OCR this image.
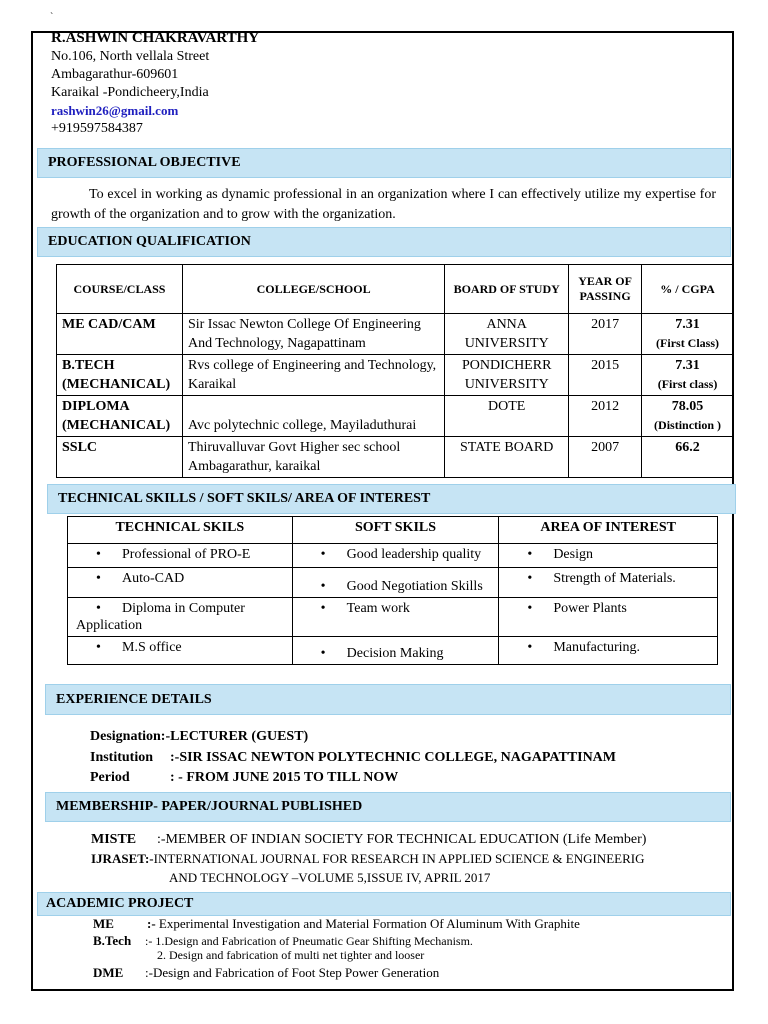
`
R.ASHWIN CHAKRAVARTHY
No.106, North vellala Street
Ambagarathur-609601
Karaikal -Pondicheery,India
rashwin26@gmail.com
+919597584387
PROFESSIONAL OBJECTIVE
To excel in working as dynamic professional in an organization where I can effectively utilize my expertise for growth of the organization and to grow with the organization.
EDUCATION QUALIFICATION
COURSE/CLASS	COLLEGE/SCHOOL	BOARD OF STUDY	YEAR OF PASSING	% / CGPA
ME CAD/CAM	Sir Issac Newton College Of Engineering And Technology, Nagapattinam	ANNA UNIVERSITY	2017	7.31
(First Class)

B.TECH (MECHANICAL)	Rvs college of Engineering and Technology, Karaikal	PONDICHERR UNIVERSITY	2015	7.31
(First class)

DIPLOMA (MECHANICAL)	Avc polytechnic college, Mayiladuthurai	DOTE	2012	78.05
(Distinction )

SSLC	Thiruvalluvar Govt Higher sec school Ambagarathur, karaikal	STATE BOARD	2007	66.2
TECHNICAL SKILLS / SOFT SKILS/ AREA OF INTEREST
TECHNICAL SKILS	SOFT SKILS	AREA OF INTEREST
• Professional of PRO-E	• Good leadership quality	• Design
• Auto-CAD	• Good Negotiation Skills	• Strength of Materials.
• Diploma in Computer Application	• Team work	• Power Plants
• M.S office	• Decision Making	• Manufacturing.
EXPERIENCE DETAILS
Designation:-LECTURER (GUEST)
Institution :-SIR ISSAC NEWTON POLYTECHNIC COLLEGE, NAGAPATTINAM
Period	: - FROM JUNE 2015 TO TILL NOW
MEMBERSHIP- PAPER/JOURNAL PUBLISHED
MISTE :-MEMBER OF INDIAN SOCIETY FOR TECHNICAL EDUCATION (Life Member)
IJRASET:-INTERNATIONAL JOURNAL FOR RESEARCH IN APPLIED SCIENCE & ENGINEERIG
AND TECHNOLOGY –VOLUME 5,ISSUE IV, APRIL 2017
ACADEMIC PROJECT
ME	:- Experimental Investigation and Material Formation Of Aluminum With Graphite
B.Tech :- 1.Design and Fabrication of Pneumatic Gear Shifting Mechanism.
2. Design and fabrication of multi net tighter and looser
DME :-Design and Fabrication of Foot Step Power Generation
